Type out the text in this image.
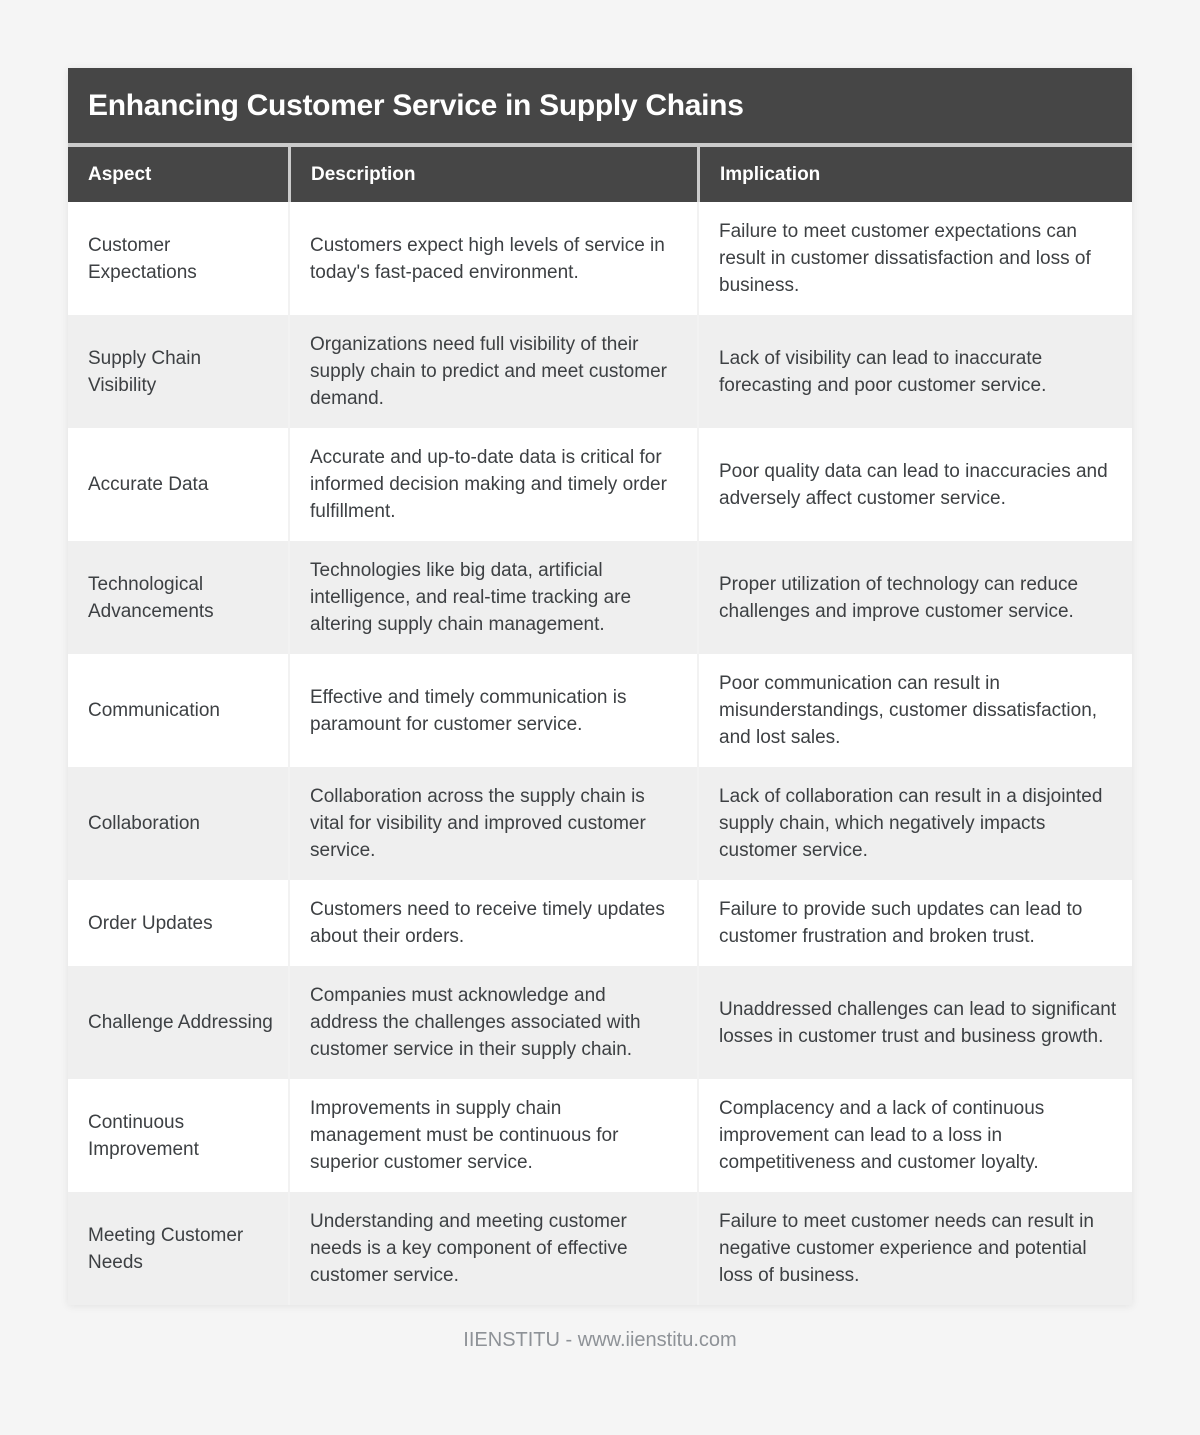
Enhancing Customer Service in Supply Chains
Aspect	Description	Implication
Customer Expectations
Customers expect high levels of service in today's fast-paced environment.
Failure to meet customer expectations can result in customer dissatisfaction and loss of business.
Supply Chain Visibility
Organizations need full visibility of their supply chain to predict and meet customer demand.
Lack of visibility can lead to inaccurate forecasting and poor customer service.
Accurate Data
Accurate and up-to-date data is critical for informed decision making and timely order fulfillment.
Poor quality data can lead to inaccuracies and adversely affect customer service.
Technological Advancements
Technologies like big data, artificial intelligence, and real-time tracking are altering supply chain management.
Proper utilization of technology can reduce challenges and improve customer service.
Communication
Effective and timely communication is paramount for customer service.
Poor communication can result in misunderstandings, customer dissatisfaction, and lost sales.
Collaboration
Collaboration across the supply chain is vital for visibility and improved customer service.
Lack of collaboration can result in a disjointed supply chain, which negatively impacts customer service.
Order Updates
Customers need to receive timely updates about their orders.
Failure to provide such updates can lead to customer frustration and broken trust.
Challenge Addressing
Companies must acknowledge and address the challenges associated with customer service in their supply chain.
Unaddressed challenges can lead to significant losses in customer trust and business growth.
Continuous Improvement
Improvements in supply chain management must be continuous for superior customer service.
Complacency and a lack of continuous improvement can lead to a loss in competitiveness and customer loyalty.
Meeting Customer Needs
Understanding and meeting customer needs is a key component of effective customer service.
Failure to meet customer needs can result in negative customer experience and potential loss of business.
IIENSTITU - www.iienstitu.com
